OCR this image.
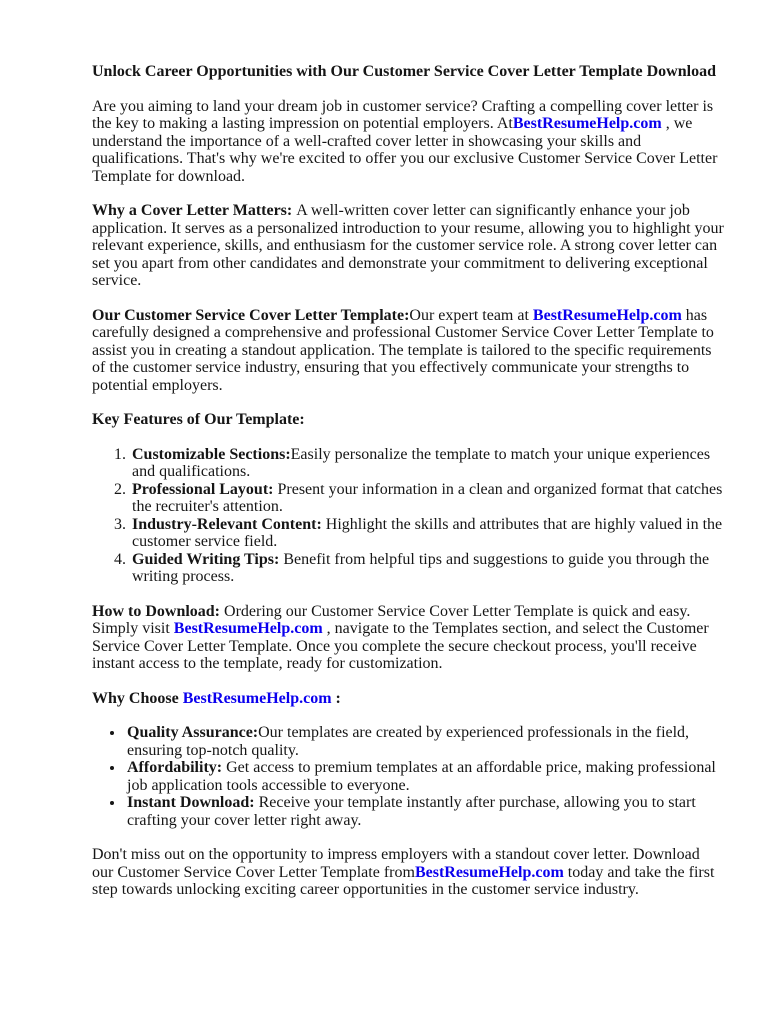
Unlock Career Opportunities with Our Customer Service Cover Letter Template Download

Are you aiming to land your dream job in customer service? Crafting a compelling cover letter is the key to making a lasting impression on potential employers. AtBestResumeHelp.com , we understand the importance of a well-crafted cover letter in showcasing your skills and qualifications. That's why we're excited to offer you our exclusive Customer Service Cover Letter Template for download.

Why a Cover Letter Matters: A well-written cover letter can significantly enhance your job application. It serves as a personalized introduction to your resume, allowing you to highlight your relevant experience, skills, and enthusiasm for the customer service role. A strong cover letter can set you apart from other candidates and demonstrate your commitment to delivering exceptional service.

Our Customer Service Cover Letter Template:Our expert team at BestResumeHelp.com has carefully designed a comprehensive and professional Customer Service Cover Letter Template to assist you in creating a standout application. The template is tailored to the specific requirements of the customer service industry, ensuring that you effectively communicate your strengths to potential employers.

Key Features of Our Template:

1. Customizable Sections:Easily personalize the template to match your unique experiences and qualifications.
2. Professional Layout: Present your information in a clean and organized format that catches the recruiter's attention.
3. Industry-Relevant Content: Highlight the skills and attributes that are highly valued in the customer service field.
4. Guided Writing Tips: Benefit from helpful tips and suggestions to guide you through the writing process.

How to Download: Ordering our Customer Service Cover Letter Template is quick and easy. Simply visit BestResumeHelp.com , navigate to the Templates section, and select the Customer Service Cover Letter Template. Once you complete the secure checkout process, you'll receive instant access to the template, ready for customization.

Why Choose BestResumeHelp.com :

• Quality Assurance:Our templates are created by experienced professionals in the field, ensuring top-notch quality.
• Affordability: Get access to premium templates at an affordable price, making professional job application tools accessible to everyone.
• Instant Download: Receive your template instantly after purchase, allowing you to start crafting your cover letter right away.

Don't miss out on the opportunity to impress employers with a standout cover letter. Download our Customer Service Cover Letter Template fromBestResumeHelp.com today and take the first step towards unlocking exciting career opportunities in the customer service industry.
